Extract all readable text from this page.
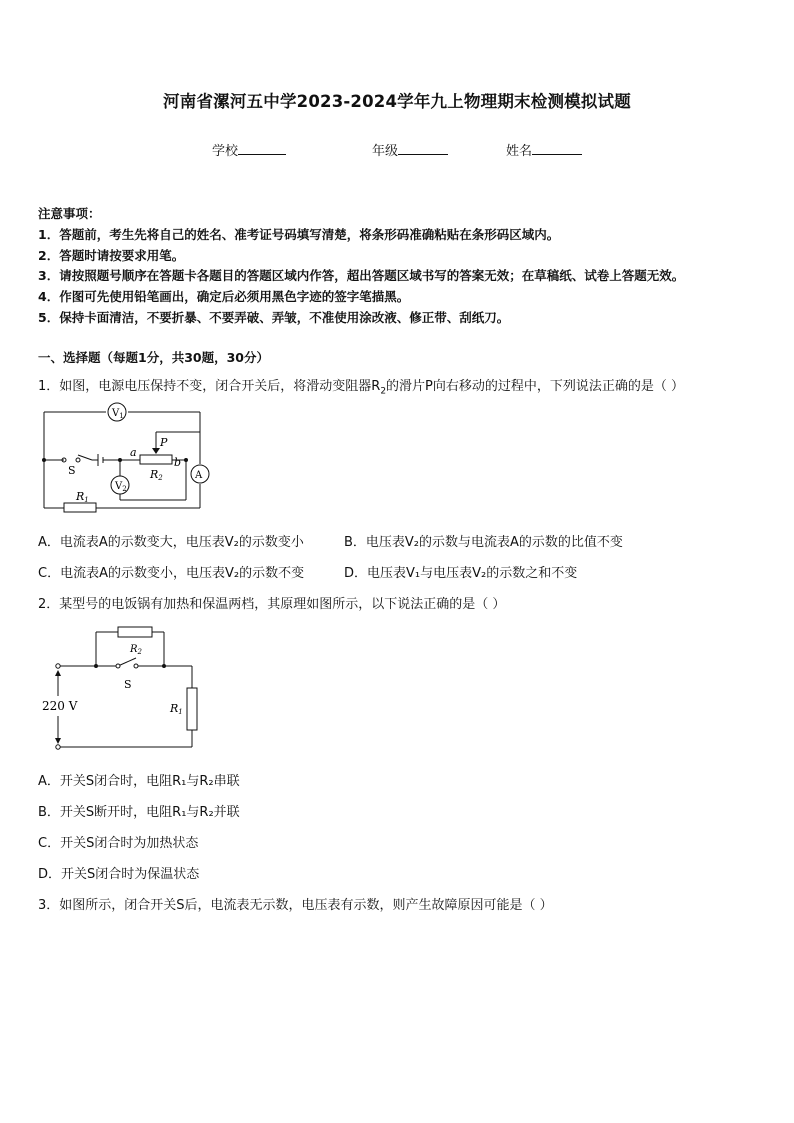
河南省漯河五中学2023-2024学年九上物理期末检测模拟试题
学校	年级	姓名
注意事项：
1．答题前，考生先将自己的姓名、准考证号码填写清楚，将条形码准确粘贴在条形码区域内。
2．答题时请按要求用笔。
3．请按照题号顺序在答题卡各题目的答题区域内作答，超出答题区域书写的答案无效；在草稿纸、试卷上答题无效。
4．作图可先使用铅笔画出，确定后必须用黑色字迹的签字笔描黑。
5．保持卡面清洁，不要折暴、不要弄破、弄皱，不准使用涂改液、修正带、刮纸刀。
一、选择题（每题1分，共30题，30分）
1．如图，电源电压保持不变，闭合开关后，将滑动变阻器$R_2$的滑片P向右移动的过程中，下列说法正确的是（ ）
$V_1$
A
$V_2$
S
P
a
b
R2
R1
A．电流表A的示数变大，电压表V₂的示数变小	B．电压表V₂的示数与电流表A的示数的比值不变
C．电流表A的示数变小，电压表V₂的示数不变	D．电压表V₁与电压表V₂的示数之和不变
2．某型号的电饭锅有加热和保温两档，其原理如图所示，以下说法正确的是（ ）
220 V
$R_2$
S
R1
A．开关S闭合时，电阻R₁与R₂串联
B．开关S断开时，电阻R₁与R₂并联
C．开关S闭合时为加热状态
D．开关S闭合时为保温状态
3．如图所示，闭合开关S后，电流表无示数，电压表有示数，则产生故障原因可能是（ ）
